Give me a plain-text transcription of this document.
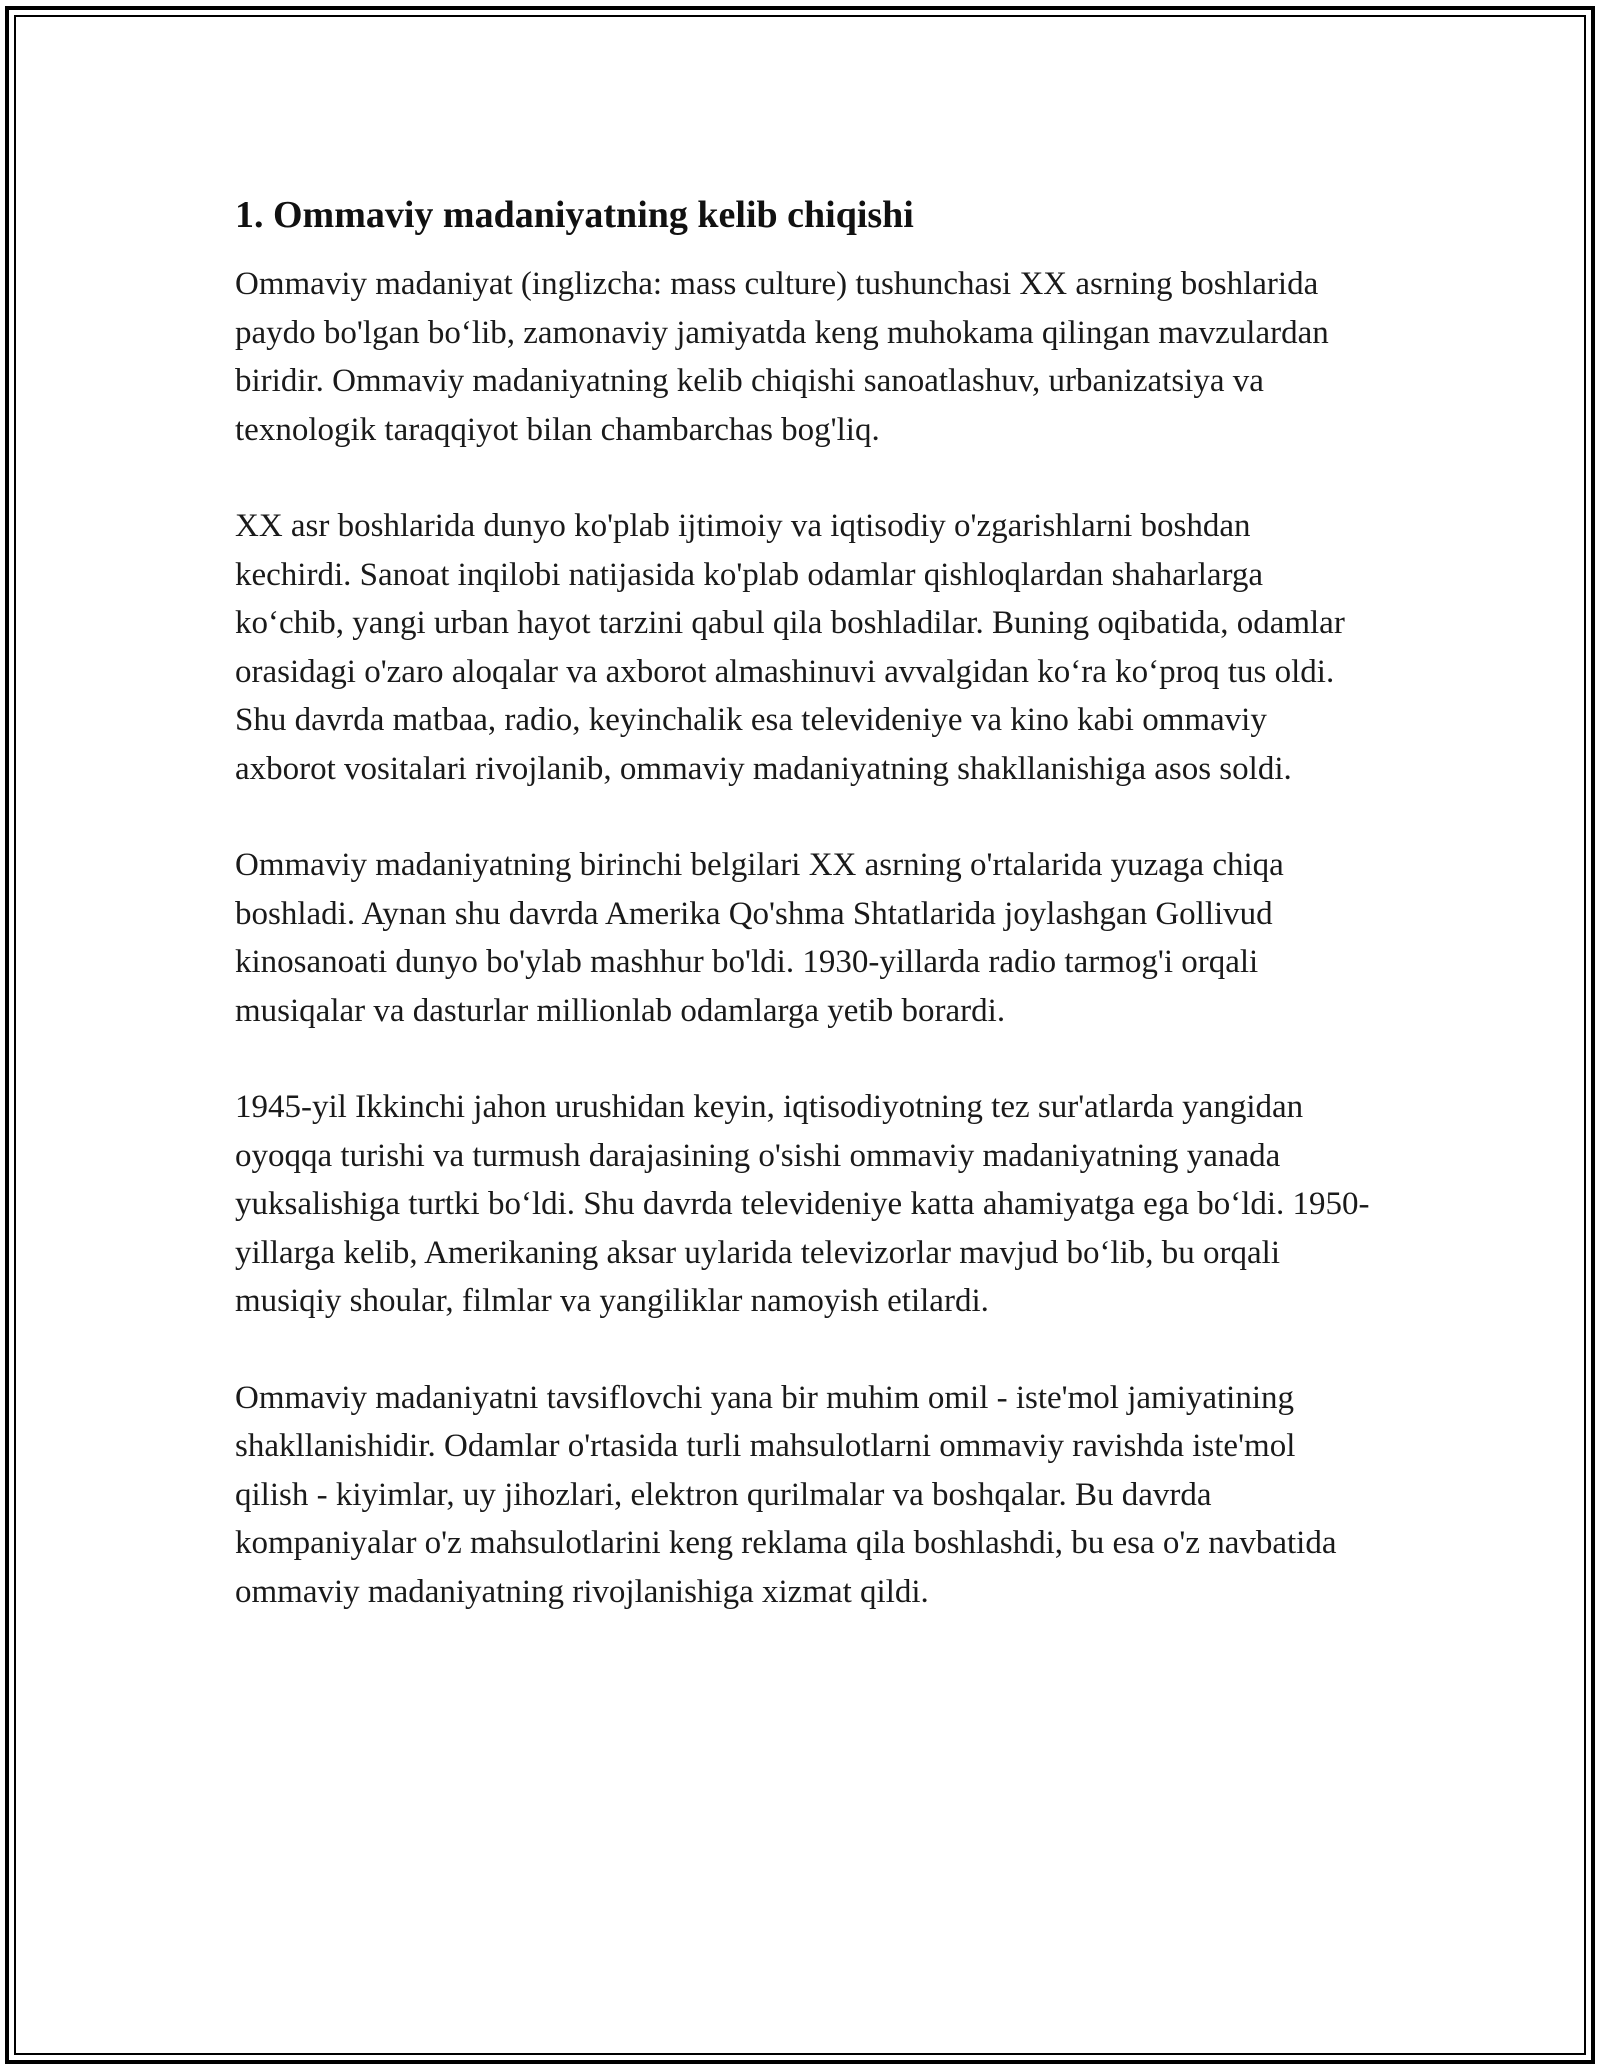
1. Ommaviy madaniyatning kelib chiqishi

Ommaviy madaniyat (inglizcha: mass culture) tushunchasi XX asrning boshlarida paydo bo'lgan boʻlib, zamonaviy jamiyatda keng muhokama qilingan mavzulardan biridir. Ommaviy madaniyatning kelib chiqishi sanoatlashuv, urbanizatsiya va texnologik taraqqiyot bilan chambarchas bog'liq.

XX asr boshlarida dunyo ko'plab ijtimoiy va iqtisodiy o'zgarishlarni boshdan kechirdi. Sanoat inqilobi natijasida ko'plab odamlar qishloqlardan shaharlarga koʻchib, yangi urban hayot tarzini qabul qila boshladilar. Buning oqibatida, odamlar orasidagi o'zaro aloqalar va axborot almashinuvi avvalgidan koʻra koʻproq tus oldi. Shu davrda matbaa, radio, keyinchalik esa televideniye va kino kabi ommaviy axborot vositalari rivojlanib, ommaviy madaniyatning shakllanishiga asos soldi.

Ommaviy madaniyatning birinchi belgilari XX asrning o'rtalarida yuzaga chiqa boshladi. Aynan shu davrda Amerika Qo'shma Shtatlarida joylashgan Gollivud kinosanoati dunyo bo'ylab mashhur bo'ldi. 1930-yillarda radio tarmog'i orqali musiqalar va dasturlar millionlab odamlarga yetib borardi.

1945-yil Ikkinchi jahon urushidan keyin, iqtisodiyotning tez sur'atlarda yangidan oyoqqa turishi va turmush darajasining o'sishi ommaviy madaniyatning yanada yuksalishiga turtki boʻldi. Shu davrda televideniye katta ahamiyatga ega boʻldi. 1950-yillarga kelib, Amerikaning aksar uylarida televizorlar mavjud boʻlib, bu orqali musiqiy shoular, filmlar va yangiliklar namoyish etilardi.

Ommaviy madaniyatni tavsiflovchi yana bir muhim omil - iste'mol jamiyatining shakllanishidir. Odamlar o'rtasida turli mahsulotlarni ommaviy ravishda iste'mol qilish - kiyimlar, uy jihozlari, elektron qurilmalar va boshqalar. Bu davrda kompaniyalar o'z mahsulotlarini keng reklama qila boshlashdi, bu esa o'z navbatida ommaviy madaniyatning rivojlanishiga xizmat qildi.
